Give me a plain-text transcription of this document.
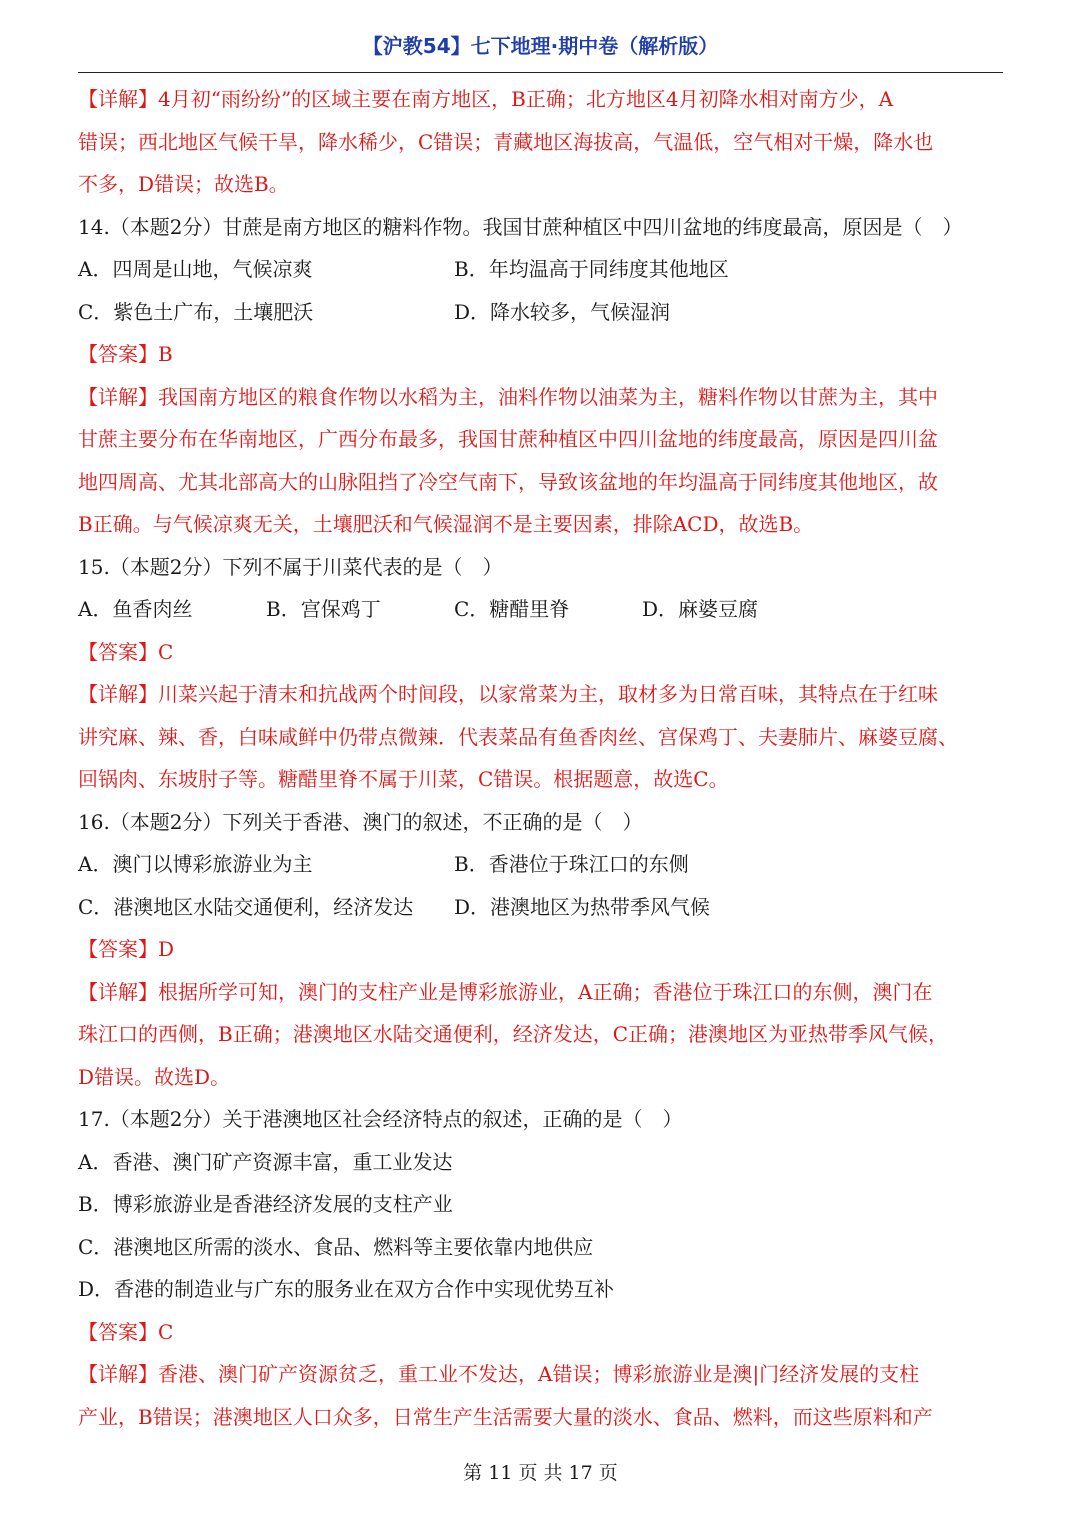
【沪教54】七下地理·期中卷（解析版）
【详解】4月初“雨纷纷”的区域主要在南方地区，B正确；北方地区4月初降水相对南方少，A
错误；西北地区气候干旱，降水稀少，C错误；青藏地区海拔高，气温低，空气相对干燥，降水也
不多，D错误；故选B。
14.（本题2分）甘蔗是南方地区的糖料作物。我国甘蔗种植区中四川盆地的纬度最高，原因是（　）
A．四周是山地，气候凉爽	B．年均温高于同纬度其他地区
C．紫色土广布，土壤肥沃	D．降水较多，气候湿润
【答案】B
【详解】我国南方地区的粮食作物以水稻为主，油料作物以油菜为主，糖料作物以甘蔗为主，其中
甘蔗主要分布在华南地区，广西分布最多，我国甘蔗种植区中四川盆地的纬度最高，原因是四川盆
地四周高、尤其北部高大的山脉阻挡了冷空气南下，导致该盆地的年均温高于同纬度其他地区，故
B正确。与气候凉爽无关，土壤肥沃和气候湿润不是主要因素，排除ACD，故选B。
15.（本题2分）下列不属于川菜代表的是（　）
A．鱼香肉丝	B．宫保鸡丁	C．糖醋里脊	D．麻婆豆腐
【答案】C
【详解】川菜兴起于清末和抗战两个时间段，以家常菜为主，取材多为日常百味，其特点在于红味
讲究麻、辣、香，白味咸鲜中仍带点微辣．代表菜品有鱼香肉丝、宫保鸡丁、夫妻肺片、麻婆豆腐、
回锅肉、东坡肘子等。糖醋里脊不属于川菜，C错误。根据题意，故选C。
16.（本题2分）下列关于香港、澳门的叙述，不正确的是（　）
A．澳门以博彩旅游业为主	B．香港位于珠江口的东侧
C．港澳地区水陆交通便利，经济发达	D．港澳地区为热带季风气候
【答案】D
【详解】根据所学可知，澳门的支柱产业是博彩旅游业，A正确；香港位于珠江口的东侧，澳门在
珠江口的西侧，B正确；港澳地区水陆交通便利，经济发达，C正确；港澳地区为亚热带季风气候，
D错误。故选D。
17.（本题2分）关于港澳地区社会经济特点的叙述，正确的是（　）
A．香港、澳门矿产资源丰富，重工业发达
B．博彩旅游业是香港经济发展的支柱产业
C．港澳地区所需的淡水、食品、燃料等主要依靠内地供应
D．香港的制造业与广东的服务业在双方合作中实现优势互补
【答案】C
【详解】香港、澳门矿产资源贫乏，重工业不发达，A错误；博彩旅游业是澳|门经济发展的支柱
产业，B错误；港澳地区人口众多，日常生产生活需要大量的淡水、食品、燃料，而这些原料和产
第 11 页 共 17 页
